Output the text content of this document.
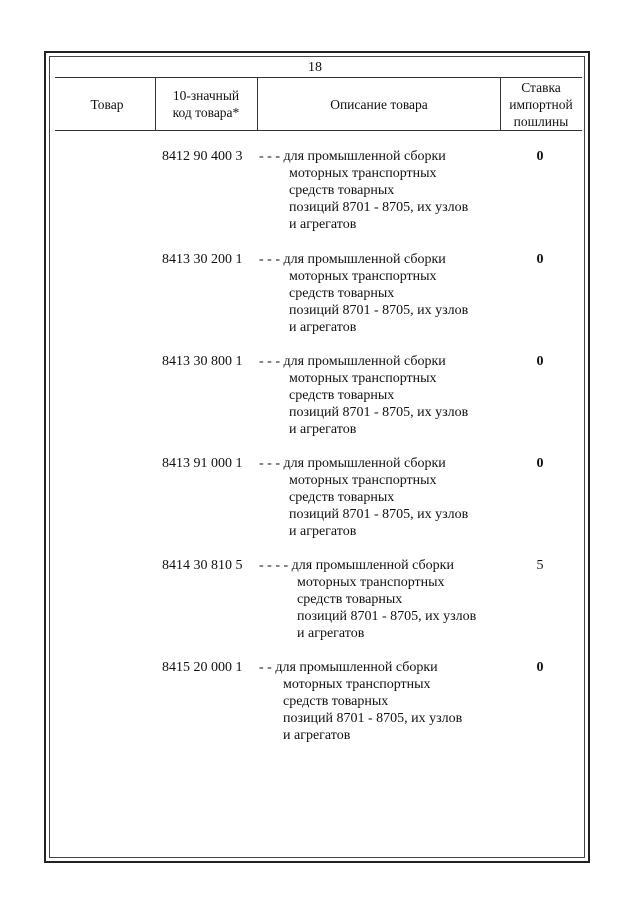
18
Товар
10-значный
код товара*
Описание товара
Ставка
импортной
пошлины
8412 90 400 3 - - - для промышленной сборки
моторных транспортных
средств товарных
позиций 8701 - 8705, их узлов
и агрегатов
0
8413 30 200 1 - - - для промышленной сборки
моторных транспортных
средств товарных
позиций 8701 - 8705, их узлов
и агрегатов
0
8413 30 800 1 - - - для промышленной сборки
моторных транспортных
средств товарных
позиций 8701 - 8705, их узлов
и агрегатов
0
8413 91 000 1 - - - для промышленной сборки
моторных транспортных
средств товарных
позиций 8701 - 8705, их узлов
и агрегатов
0
8414 30 810 5 - - - - для промышленной сборки
моторных транспортных
средств товарных
позиций 8701 - 8705, их узлов
и агрегатов
5
8415 20 000 1 - - для промышленной сборки
моторных транспортных
средств товарных
позиций 8701 - 8705, их узлов
и агрегатов
0
